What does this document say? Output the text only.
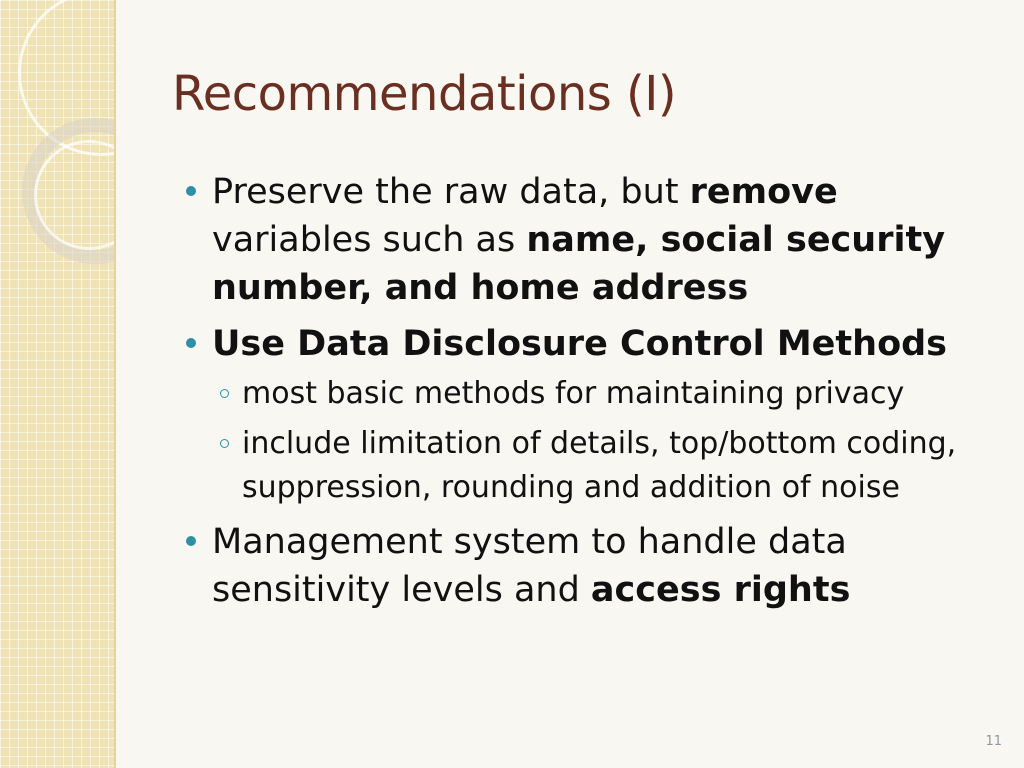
Recommendations (I)
Preserve the raw data, but remove variables such as name, social security number, and home address
Use Data Disclosure Control Methods
most basic methods for maintaining privacy
include limitation of details, top/bottom coding, suppression, rounding and addition of noise
Management system to handle data sensitivity levels and access rights
11
